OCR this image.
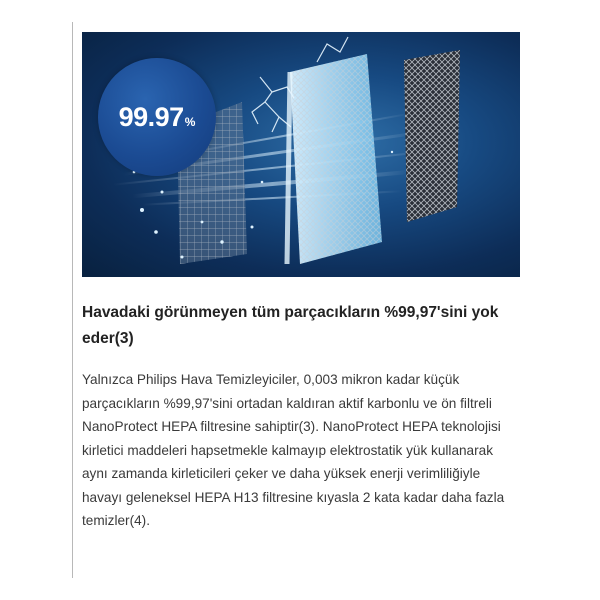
99.97 %
Havadaki görünmeyen tüm parçacıkların %99,97'sini yok eder(3)

Yalnızca Philips Hava Temizleyiciler, 0,003 mikron kadar küçük parçacıkların %99,97'sini ortadan kaldıran aktif karbonlu ve ön filtreli NanoProtect HEPA filtresine sahiptir(3). NanoProtect HEPA teknolojisi kirletici maddeleri hapsetmekle kalmayıp elektrostatik yük kullanarak aynı zamanda kirleticileri çeker ve daha yüksek enerji verimliliğiyle havayı geleneksel HEPA H13 filtresine kıyasla 2 kata kadar daha fazla temizler(4).
